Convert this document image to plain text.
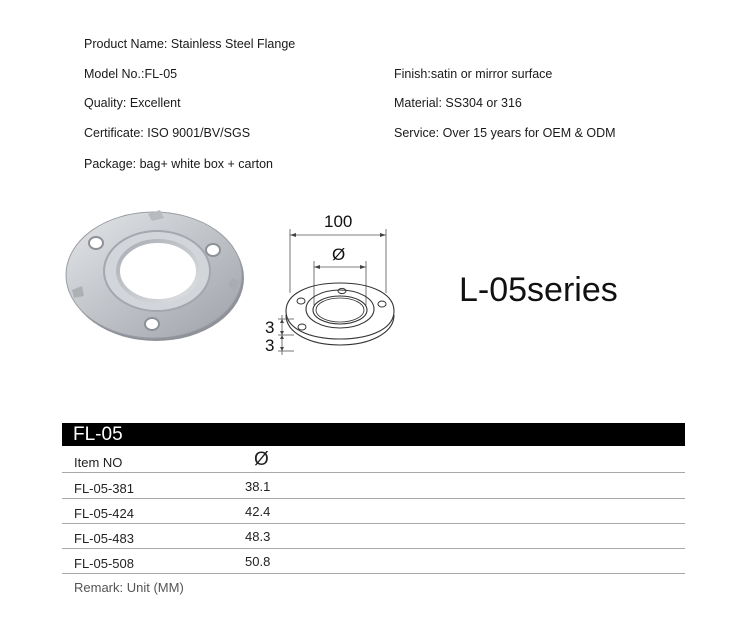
Product Name: Stainless Steel Flange
Model No.:FL-05
Quality: Excellent
Certificate: ISO 9001/BV/SGS
Package: bag+ white box + carton
Finish:satin or mirror surface
Material: SS304 or 316
Service: Over 15 years for OEM & ODM
100
Ø
3
3
L-05series
FL-05
Item NO	Ø
FL-05-381	38.1
FL-05-424	42.4
FL-05-483	48.3
FL-05-508	50.8
Remark: Unit (MM)
